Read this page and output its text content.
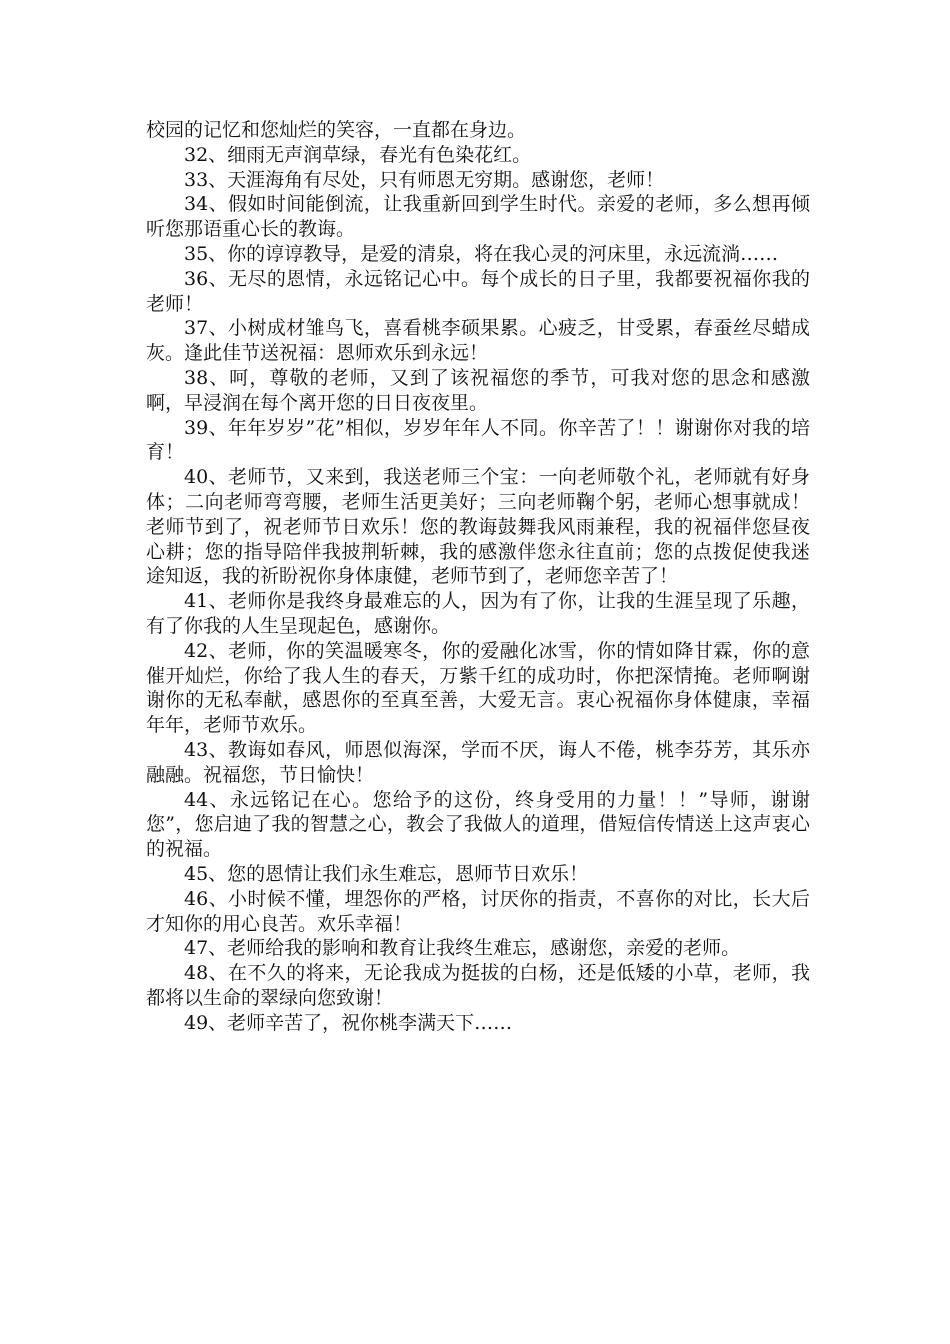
校园的记忆和您灿烂的笑容，一直都在身边。

32、细雨无声润草绿，春光有色染花红。

33、天涯海角有尽处，只有师恩无穷期。感谢您，老师！

34、假如时间能倒流，让我重新回到学生时代。亲爱的老师，多么想再倾听您那语重心长的教诲。

35、你的谆谆教导，是爱的清泉，将在我心灵的河床里，永远流淌……

36、无尽的恩情，永远铭记心中。每个成长的日子里，我都要祝福你我的老师！

37、小树成材雏鸟飞，喜看桃李硕果累。心疲乏，甘受累，春蚕丝尽蜡成灰。逢此佳节送祝福：恩师欢乐到永远！

38、呵，尊敬的老师，又到了该祝福您的季节，可我对您的思念和感激啊，早浸润在每个离开您的日日夜夜里。

39、年年岁岁”花”相似，岁岁年年人不同。你辛苦了！！谢谢你对我的培育！

40、老师节，又来到，我送老师三个宝：一向老师敬个礼，老师就有好身体；二向老师弯弯腰，老师生活更美好；三向老师鞠个躬，老师心想事就成！老师节到了，祝老师节日欢乐！您的教诲鼓舞我风雨兼程，我的祝福伴您昼夜心耕；您的指导陪伴我披荆斩棘，我的感激伴您永往直前；您的点拨促使我迷途知返，我的祈盼祝你身体康健，老师节到了，老师您辛苦了！

41、老师你是我终身最难忘的人，因为有了你，让我的生涯呈现了乐趣，有了你我的人生呈现起色，感谢你。

42、老师，你的笑温暖寒冬，你的爱融化冰雪，你的情如降甘霖，你的意催开灿烂，你给了我人生的春天，万紫千红的成功时，你把深情掩。老师啊谢谢你的无私奉献，感恩你的至真至善，大爱无言。衷心祝福你身体健康，幸福年年，老师节欢乐。

43、教诲如春风，师恩似海深，学而不厌，诲人不倦，桃李芬芳，其乐亦融融。祝福您，节日愉快！

44、永远铭记在心。您给予的这份，终身受用的力量！！”导师，谢谢您”，您启迪了我的智慧之心，教会了我做人的道理，借短信传情送上这声衷心的祝福。

45、您的恩情让我们永生难忘，恩师节日欢乐！

46、小时候不懂，埋怨你的严格，讨厌你的指责，不喜你的对比，长大后才知你的用心良苦。欢乐幸福！

47、老师给我的影响和教育让我终生难忘，感谢您，亲爱的老师。

48、在不久的将来，无论我成为挺拔的白杨，还是低矮的小草，老师，我都将以生命的翠绿向您致谢！

49、老师辛苦了，祝你桃李满天下……
